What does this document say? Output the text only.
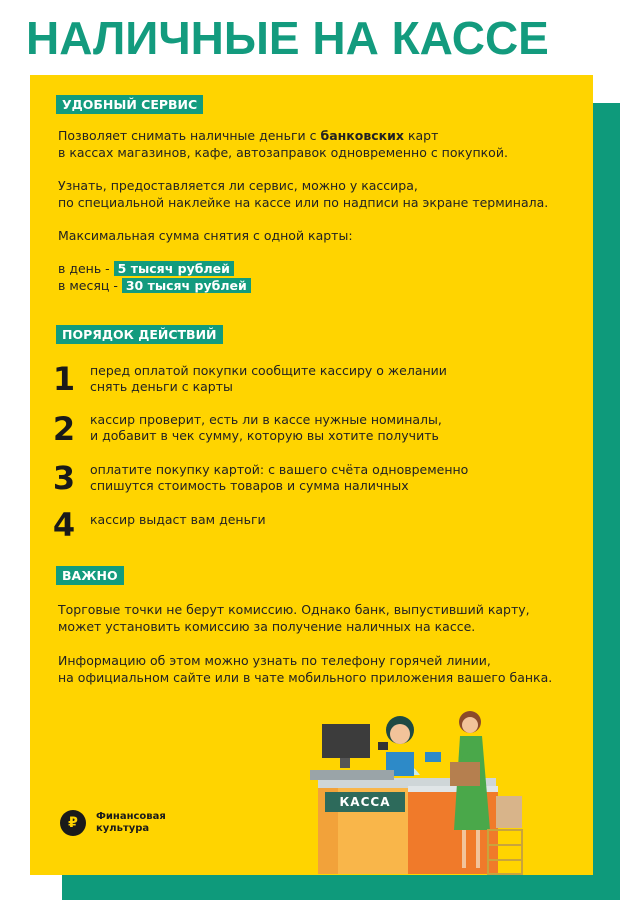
НАЛИЧНЫЕ НА КАССЕ
УДОБНЫЙ СЕРВИС
Позволяет снимать наличные деньги с банковских карт
в кассах магазинов, кафе, автозаправок одновременно с покупкой.
Узнать, предоставляется ли сервис, можно у кассира,
по специальной наклейке на кассе или по надписи на экране терминала.
Максимальная сумма снятия с одной карты:
в день - 5 тысяч рублей
в месяц - 30 тысяч рублей
ПОРЯДОК ДЕЙСТВИЙ
1 перед оплатой покупки сообщите кассиру о желании
снять деньги с карты
2 кассир проверит, есть ли в кассе нужные номиналы,
и добавит в чек сумму, которую вы хотите получить
3 оплатите покупку картой: с вашего счёта одновременно
спишутся стоимость товаров и сумма наличных
4 кассир выдаст вам деньги
ВАЖНО
Торговые точки не берут комиссию. Однако банк, выпустивший карту,
может установить комиссию за получение наличных на кассе.
Информацию об этом можно узнать по телефону горячей линии,
на официальном сайте или в чате мобильного приложения вашего банка.
₽	Финансовая
культура
КАССА
